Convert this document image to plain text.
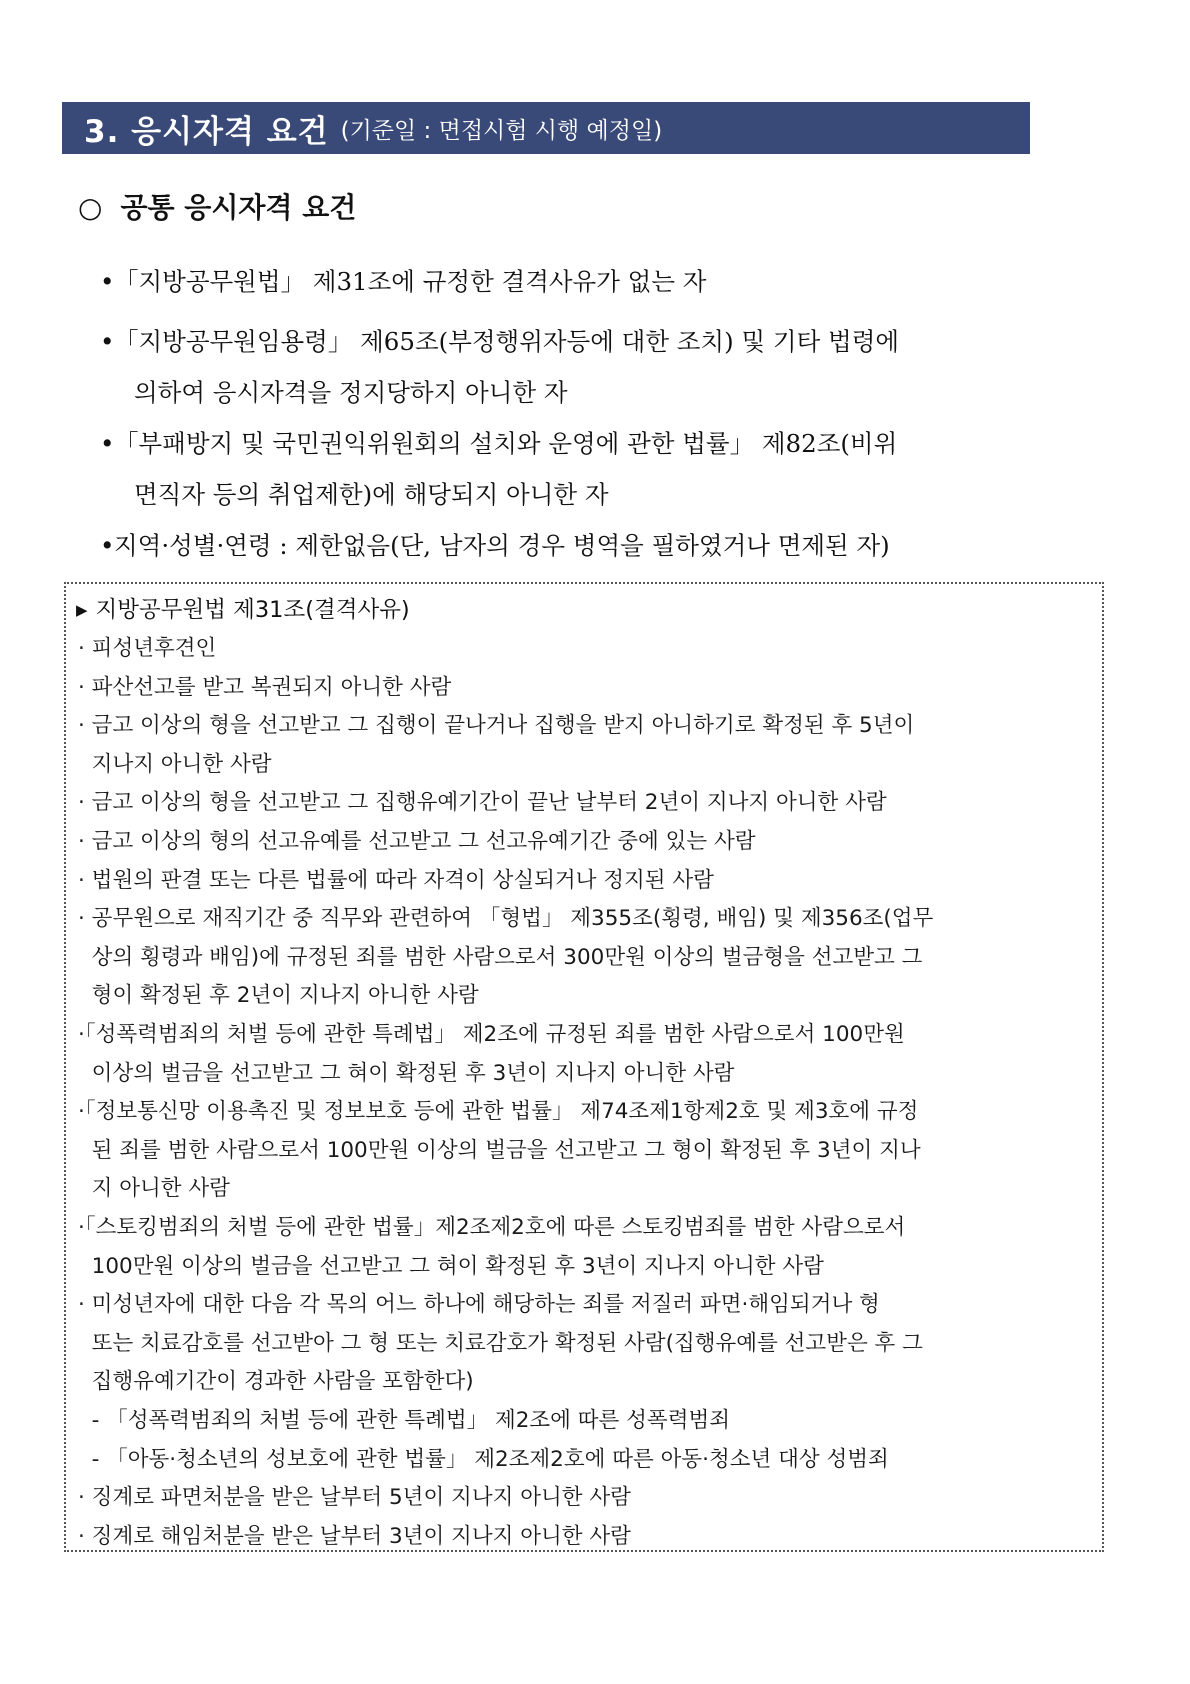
3. 응시자격 요건 (기준일 : 면접시험 시행 예정일)
○ 공통 응시자격 요건
•「지방공무원법」 제31조에 규정한 결격사유가 없는 자
•「지방공무원임용령」 제65조(부정행위자등에 대한 조치) 및 기타 법령에
의하여 응시자격을 정지당하지 아니한 자
•「부패방지 및 국민권익위원회의 설치와 운영에 관한 법률」 제82조(비위
면직자 등의 취업제한)에 해당되지 아니한 자
•지역·성별·연령 : 제한없음(단, 남자의 경우 병역을 필하였거나 면제된 자)
▶ 지방공무원법 제31조(결격사유)
· 피성년후견인
· 파산선고를 받고 복권되지 아니한 사람
· 금고 이상의 형을 선고받고 그 집행이 끝나거나 집행을 받지 아니하기로 확정된 후 5년이
지나지 아니한 사람
· 금고 이상의 형을 선고받고 그 집행유예기간이 끝난 날부터 2년이 지나지 아니한 사람
· 금고 이상의 형의 선고유예를 선고받고 그 선고유예기간 중에 있는 사람
· 법원의 판결 또는 다른 법률에 따라 자격이 상실되거나 정지된 사람
· 공무원으로 재직기간 중 직무와 관련하여 「형법」 제355조(횡령, 배임) 및 제356조(업무
상의 횡령과 배임)에 규정된 죄를 범한 사람으로서 300만원 이상의 벌금형을 선고받고 그
형이 확정된 후 2년이 지나지 아니한 사람
·「성폭력범죄의 처벌 등에 관한 특례법」 제2조에 규정된 죄를 범한 사람으로서 100만원
이상의 벌금을 선고받고 그 혀이 확정된 후 3년이 지나지 아니한 사람
·「정보통신망 이용촉진 및 정보보호 등에 관한 법률」 제74조제1항제2호 및 제3호에 규정
된 죄를 범한 사람으로서 100만원 이상의 벌금을 선고받고 그 형이 확정된 후 3년이 지나
지 아니한 사람
·「스토킹범죄의 처벌 등에 관한 법률」제2조제2호에 따른 스토킹범죄를 범한 사람으로서
100만원 이상의 벌금을 선고받고 그 혀이 확정된 후 3년이 지나지 아니한 사람
· 미성년자에 대한 다음 각 목의 어느 하나에 해당하는 죄를 저질러 파면·해임되거나 형
또는 치료감호를 선고받아 그 형 또는 치료감호가 확정된 사람(집행유예를 선고받은 후 그
집행유예기간이 경과한 사람을 포함한다)
- 「성폭력범죄의 처벌 등에 관한 특례법」 제2조에 따른 성폭력범죄
- 「아동·청소년의 성보호에 관한 법률」 제2조제2호에 따른 아동·청소년 대상 성범죄
· 징계로 파면처분을 받은 날부터 5년이 지나지 아니한 사람
· 징계로 해임처분을 받은 날부터 3년이 지나지 아니한 사람
